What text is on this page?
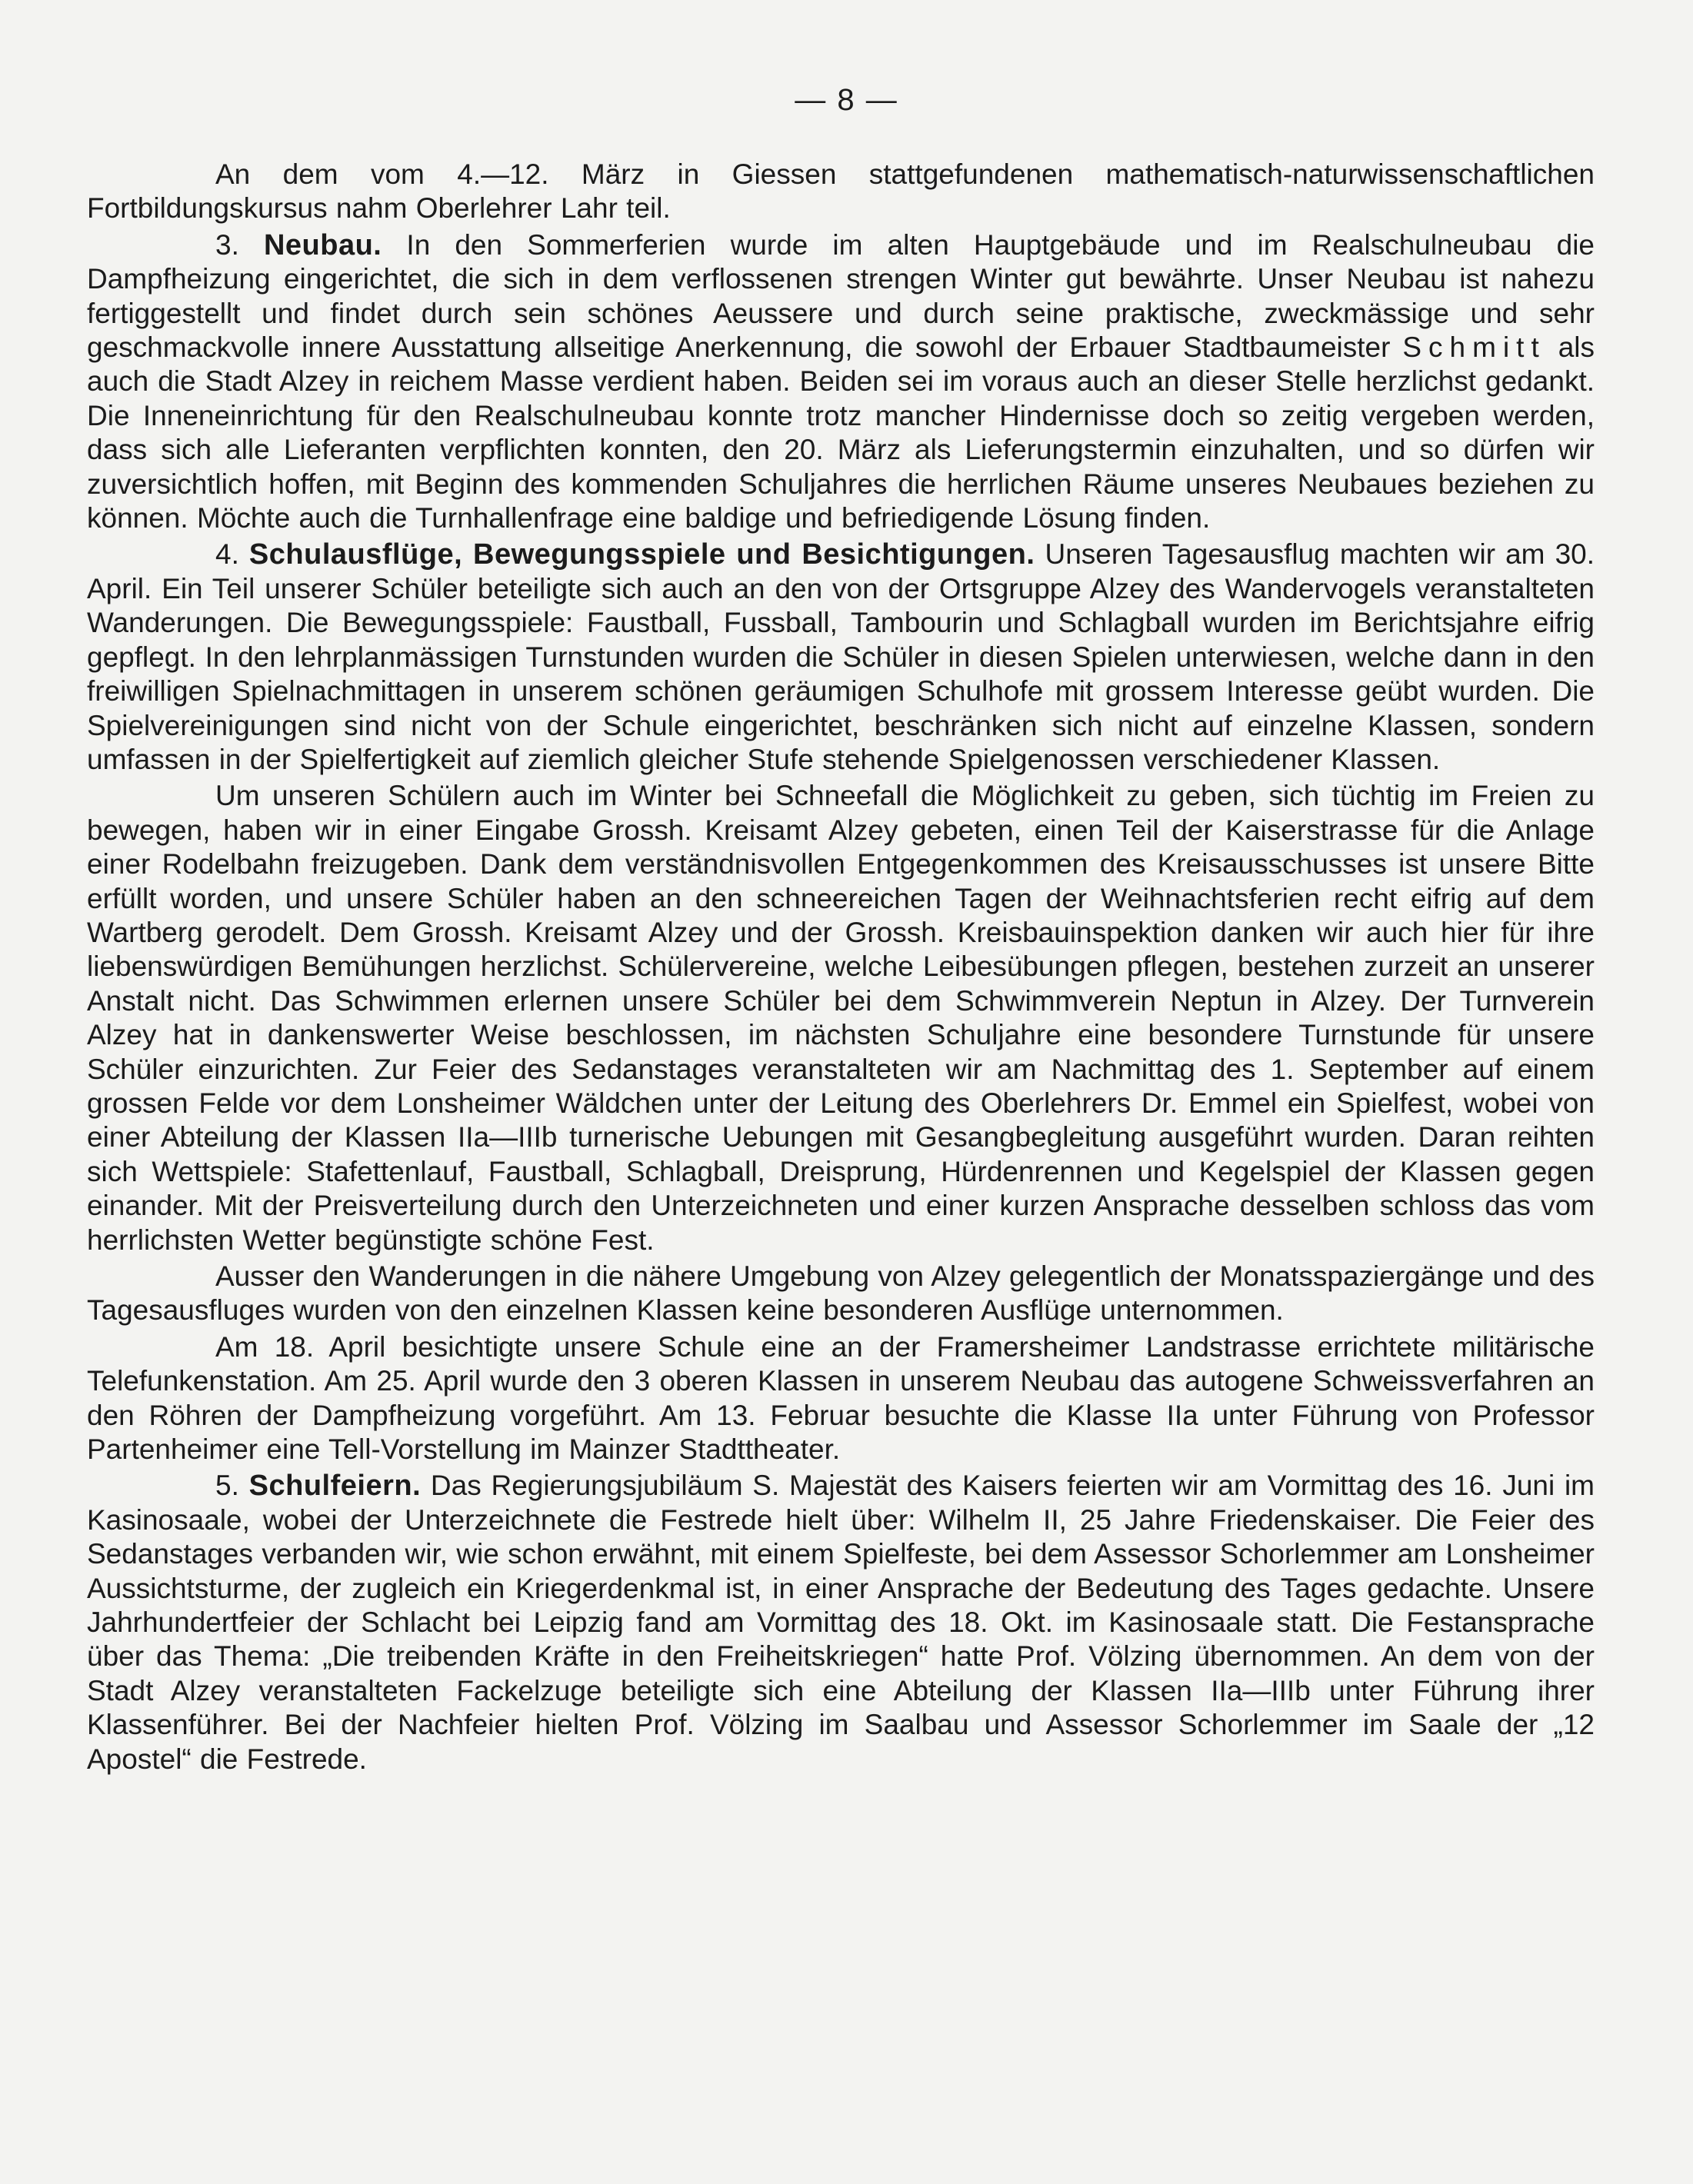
— 8 —

An dem vom 4.—12. März in Giessen stattgefundenen mathematisch-naturwissenschaftlichen Fortbildungskursus nahm Oberlehrer Lahr teil.

3. Neubau. In den Sommerferien wurde im alten Hauptgebäude und im Realschulneubau die Dampfheizung eingerichtet, die sich in dem verflossenen strengen Winter gut bewährte. Unser Neubau ist nahezu fertiggestellt und findet durch sein schönes Aeussere und durch seine praktische, zweckmässige und sehr geschmackvolle innere Ausstattung allseitige Anerkennung, die sowohl der Erbauer Stadtbaumeister Schmitt als auch die Stadt Alzey in reichem Masse verdient haben. Beiden sei im voraus auch an dieser Stelle herzlichst gedankt. Die Inneneinrichtung für den Realschulneubau konnte trotz mancher Hindernisse doch so zeitig vergeben werden, dass sich alle Lieferanten verpflichten konnten, den 20. März als Lieferungstermin einzuhalten, und so dürfen wir zuversichtlich hoffen, mit Beginn des kommenden Schuljahres die herrlichen Räume unseres Neubaues beziehen zu können. Möchte auch die Turnhallenfrage eine baldige und befriedigende Lösung finden.

4. Schulausflüge, Bewegungsspiele und Besichtigungen. Unseren Tagesausflug machten wir am 30. April. Ein Teil unserer Schüler beteiligte sich auch an den von der Ortsgruppe Alzey des Wandervogels veranstalteten Wanderungen. Die Bewegungsspiele: Faustball, Fussball, Tambourin und Schlagball wurden im Berichtsjahre eifrig gepflegt. In den lehrplanmässigen Turnstunden wurden die Schüler in diesen Spielen unterwiesen, welche dann in den freiwilligen Spielnachmittagen in unserem schönen geräumigen Schulhofe mit grossem Interesse geübt wurden. Die Spielvereinigungen sind nicht von der Schule eingerichtet, beschränken sich nicht auf einzelne Klassen, sondern umfassen in der Spielfertigkeit auf ziemlich gleicher Stufe stehende Spielgenossen verschiedener Klassen.

Um unseren Schülern auch im Winter bei Schneefall die Möglichkeit zu geben, sich tüchtig im Freien zu bewegen, haben wir in einer Eingabe Grossh. Kreisamt Alzey gebeten, einen Teil der Kaiserstrasse für die Anlage einer Rodelbahn freizugeben. Dank dem verständnisvollen Entgegenkommen des Kreisausschusses ist unsere Bitte erfüllt worden, und unsere Schüler haben an den schneereichen Tagen der Weihnachtsferien recht eifrig auf dem Wartberg gerodelt. Dem Grossh. Kreisamt Alzey und der Grossh. Kreisbauinspektion danken wir auch hier für ihre liebenswürdigen Bemühungen herzlichst. Schülervereine, welche Leibesübungen pflegen, bestehen zurzeit an unserer Anstalt nicht. Das Schwimmen erlernen unsere Schüler bei dem Schwimmverein Neptun in Alzey. Der Turnverein Alzey hat in dankenswerter Weise beschlossen, im nächsten Schuljahre eine besondere Turnstunde für unsere Schüler einzurichten. Zur Feier des Sedanstages veranstalteten wir am Nachmittag des 1. September auf einem grossen Felde vor dem Lonsheimer Wäldchen unter der Leitung des Oberlehrers Dr. Emmel ein Spielfest, wobei von einer Abteilung der Klassen IIa—IIIb turnerische Uebungen mit Gesangbegleitung ausgeführt wurden. Daran reihten sich Wettspiele: Stafettenlauf, Faustball, Schlagball, Dreisprung, Hürdenrennen und Kegelspiel der Klassen gegen einander. Mit der Preisverteilung durch den Unterzeichneten und einer kurzen Ansprache desselben schloss das vom herrlichsten Wetter begünstigte schöne Fest.

Ausser den Wanderungen in die nähere Umgebung von Alzey gelegentlich der Monatsspaziergänge und des Tagesausfluges wurden von den einzelnen Klassen keine besonderen Ausflüge unternommen.

Am 18. April besichtigte unsere Schule eine an der Framersheimer Landstrasse errichtete militärische Telefunkenstation. Am 25. April wurde den 3 oberen Klassen in unserem Neubau das autogene Schweissverfahren an den Röhren der Dampfheizung vorgeführt. Am 13. Februar besuchte die Klasse IIa unter Führung von Professor Partenheimer eine Tell-Vorstellung im Mainzer Stadttheater.

5. Schulfeiern. Das Regierungsjubiläum S. Majestät des Kaisers feierten wir am Vormittag des 16. Juni im Kasinosaale, wobei der Unterzeichnete die Festrede hielt über: Wilhelm II, 25 Jahre Friedenskaiser. Die Feier des Sedanstages verbanden wir, wie schon erwähnt, mit einem Spielfeste, bei dem Assessor Schorlemmer am Lonsheimer Aussichtsturme, der zugleich ein Kriegerdenkmal ist, in einer Ansprache der Bedeutung des Tages gedachte. Unsere Jahrhundertfeier der Schlacht bei Leipzig fand am Vormittag des 18. Okt. im Kasinosaale statt. Die Festansprache über das Thema: „Die treibenden Kräfte in den Freiheitskriegen“ hatte Prof. Völzing übernommen. An dem von der Stadt Alzey veranstalteten Fackelzuge beteiligte sich eine Abteilung der Klassen IIa—IIIb unter Führung ihrer Klassenführer. Bei der Nachfeier hielten Prof. Völzing im Saalbau und Assessor Schorlemmer im Saale der „12 Apostel“ die Festrede.
